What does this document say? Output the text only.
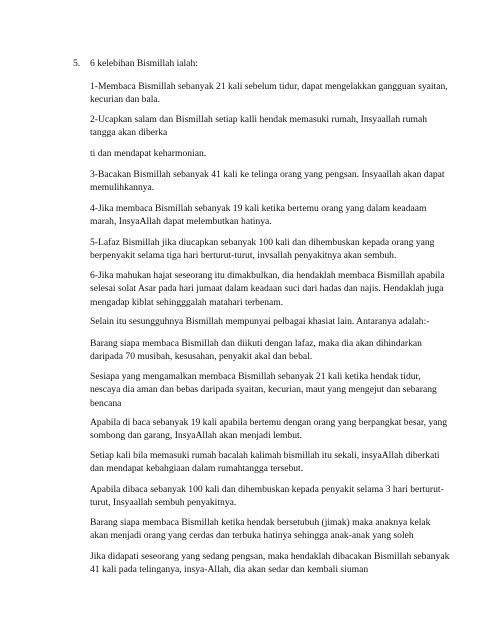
5. 6 kelebihan Bismillah ialah:

1-Membaca Bismillah sebanyak 21 kali sebelum tidur, dapat mengelakkan gangguan syaitan, kecurian dan bala.

2-Ucapkan salam dan Bismillah setiap kalli hendak memasuki rumah, Insyaallah rumah tangga akan diberka

ti dan mendapat keharmonian.

3-Bacakan Bismillah sebanyak 41 kali ke telinga orang yang pengsan. Insyaallah akan dapat memulihkannya.

4-Jika membaca Bismillah sebanyak 19 kali ketika bertemu orang yang dalam keadaam marah, InsyaAllah dapat melembutkan hatinya.

5-Lafaz Bismillah jika diucapkan sebanyak 100 kali dan dihembuskan kepada orang yang berpenyakit selama tiga hari berturut-turut, invsallah penyakitnya akan sembuh.

6-Jika mahukan hajat seseorang itu dimakbulkan, dia hendaklah membaca Bismillah apabila selesai solat Asar pada hari jumaat dalam keadaan suci dari hadas dan najis. Hendaklah juga mengadap kiblat sehingggalah matahari terbenam.

Selain itu sesungguhnya Bismillah mempunyai pelbagai khasiat lain. Antaranya adalah:-

Barang siapa membaca Bismillah dan diikuti dengan lafaz, maka dia akan dihindarkan daripada 70 musibah, kesusahan, penyakit akal dan bebal.

Sesiapa yang mengamalkan membaca Bismillah sebanyak 21 kali ketika hendak tidur, nescaya dia aman dan bebas daripada syaitan, kecurian, maut yang mengejut dan sebarang bencana

Apabila di baca sebanyak 19 kali apabila bertemu dengan orang yang berpangkat besar, yang sombong dan garang, InsyaAllah akan menjadi lembut.

Setiap kali bila memasuki rumah bacalah kalimah bismillah itu sekali, insyaAllah diberkati dan mendapat kebahgiaan dalam rumahtangga tersebut.

Apabila dibaca sebanyak 100 kali dan dihembuskan kepada penyakit selama 3 hari berturut-turut, Insyaallah sembuh penyakitnya.

Barang siapa membaca Bismillah ketika hendak bersetubuh (jimak) maka anaknya kelak akan menjadi orang yang cerdas dan terbuka hatinya sehingga anak-anak yang soleh

Jika didapati seseorang yang sedang pengsan, maka hendaklah dibacakan Bismillah sebanyak 41 kali pada telinganya, insya-Allah, dia akan sedar dan kembali siuman
